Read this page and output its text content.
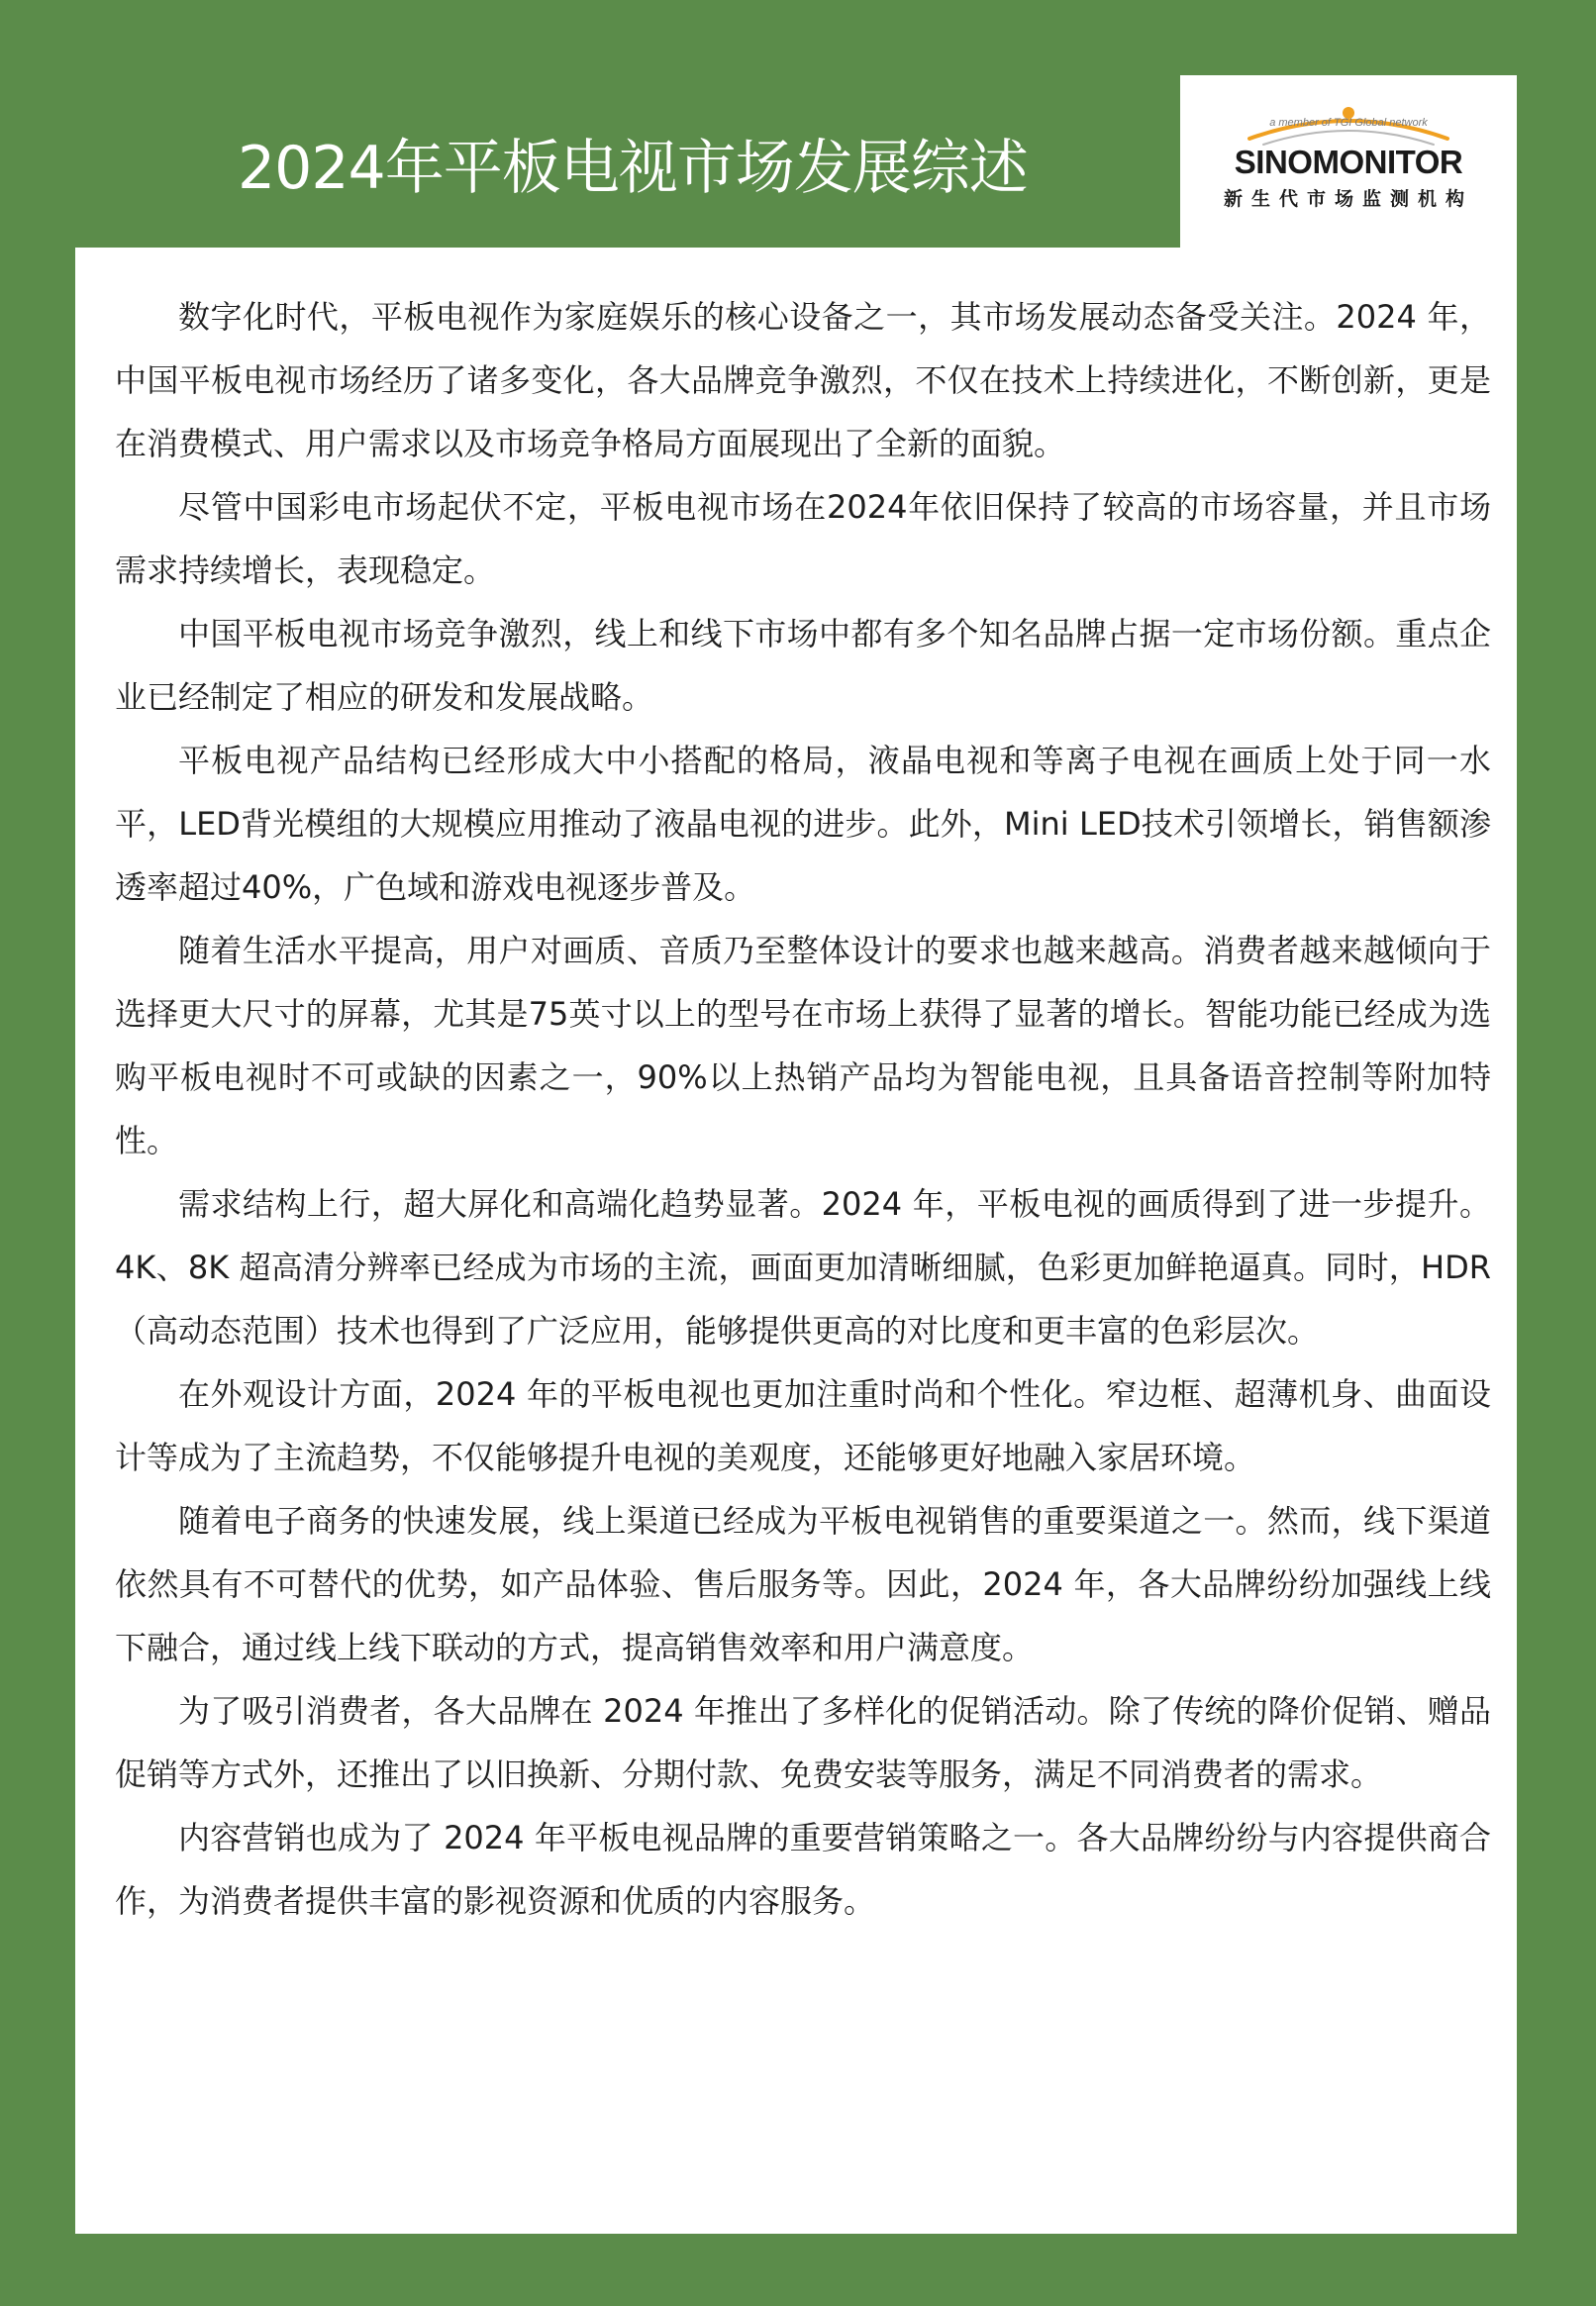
2024年平板电视市场发展综述
a member of TGI Global network
SINOMONITOR
新生代市场监测机构

数字化时代，平板电视作为家庭娱乐的核心设备之一，其市场发展动态备受关注。2024 年，中国平板电视市场经历了诸多变化，各大品牌竞争激烈，不仅在技术上持续进化，不断创新，更是在消费模式、用户需求以及市场竞争格局方面展现出了全新的面貌。

尽管中国彩电市场起伏不定，平板电视市场在2024年依旧保持了较高的市场容量，并且市场需求持续增长，表现稳定。

中国平板电视市场竞争激烈，线上和线下市场中都有多个知名品牌占据一定市场份额。重点企业已经制定了相应的研发和发展战略。

平板电视产品结构已经形成大中小搭配的格局，液晶电视和等离子电视在画质上处于同一水平，LED背光模组的大规模应用推动了液晶电视的进步。此外，Mini LED技术引领增长，销售额渗透率超过40%，广色域和游戏电视逐步普及。

随着生活水平提高，用户对画质、音质乃至整体设计的要求也越来越高。消费者越来越倾向于选择更大尺寸的屏幕，尤其是75英寸以上的型号在市场上获得了显著的增长。智能功能已经成为选购平板电视时不可或缺的因素之一，90%以上热销产品均为智能电视，且具备语音控制等附加特性。

需求结构上行，超大屏化和高端化趋势显著。2024 年，平板电视的画质得到了进一步提升。4K、8K 超高清分辨率已经成为市场的主流，画面更加清晰细腻，色彩更加鲜艳逼真。同时，HDR（高动态范围）技术也得到了广泛应用，能够提供更高的对比度和更丰富的色彩层次。

在外观设计方面，2024 年的平板电视也更加注重时尚和个性化。窄边框、超薄机身、曲面设计等成为了主流趋势，不仅能够提升电视的美观度，还能够更好地融入家居环境。

随着电子商务的快速发展，线上渠道已经成为平板电视销售的重要渠道之一。然而，线下渠道依然具有不可替代的优势，如产品体验、售后服务等。因此，2024 年，各大品牌纷纷加强线上线下融合，通过线上线下联动的方式，提高销售效率和用户满意度。

为了吸引消费者，各大品牌在 2024 年推出了多样化的促销活动。除了传统的降价促销、赠品促销等方式外，还推出了以旧换新、分期付款、免费安装等服务，满足不同消费者的需求。

内容营销也成为了 2024 年平板电视品牌的重要营销策略之一。各大品牌纷纷与内容提供商合作，为消费者提供丰富的影视资源和优质的内容服务。
